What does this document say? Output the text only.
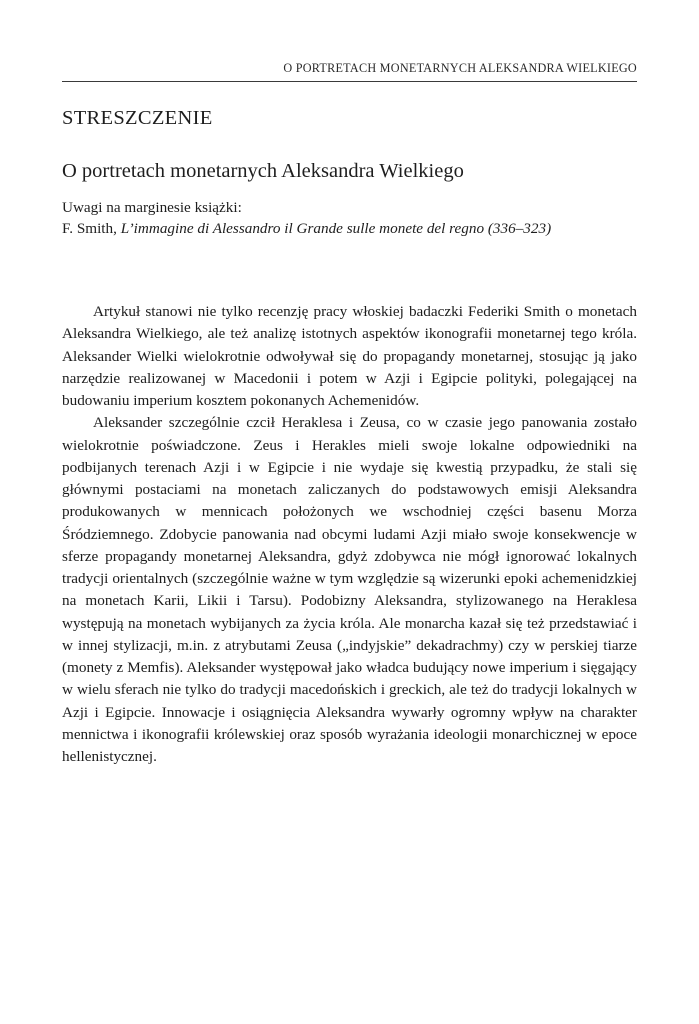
O PORTRETACH MONETARNYCH ALEKSANDRA WIELKIEGO
STRESZCZENIE
O portretach monetarnych Aleksandra Wielkiego
Uwagi na marginesie książki:
F. Smith, L’immagine di Alessandro il Grande sulle monete del regno (336–323)

Artykuł stanowi nie tylko recenzję pracy włoskiej badaczki Federiki Smith o monetach Aleksandra Wielkiego, ale też analizę istotnych aspektów ikonografii monetarnej tego króla. Aleksander Wielki wielokrotnie odwoływał się do propagandy monetarnej, stosując ją jako narzędzie realizowanej w Macedonii i potem w Azji i Egipcie polityki, polegającej na budowaniu imperium kosztem pokonanych Achemenidów.

Aleksander szczególnie czcił Heraklesa i Zeusa, co w czasie jego panowania zostało wielokrotnie poświadczone. Zeus i Herakles mieli swoje lokalne odpowiedniki na podbijanych terenach Azji i w Egipcie i nie wydaje się kwestią przypadku, że stali się głównymi postaciami na monetach zaliczanych do podstawowych emisji Aleksandra produkowanych w mennicach położonych we wschodniej części basenu Morza Śródziemnego. Zdobycie panowania nad obcymi ludami Azji miało swoje konsekwencje w sferze propagandy monetarnej Aleksandra, gdyż zdobywca nie mógł ignorować lokalnych tradycji orientalnych (szczególnie ważne w tym względzie są wizerunki epoki achemenidzkiej na monetach Karii, Likii i Tarsu). Podobizny Aleksandra, stylizowanego na Heraklesa występują na monetach wybijanych za życia króla. Ale monarcha kazał się też przedstawiać i w innej stylizacji, m.in. z atrybutami Zeusa („indyjskie” dekadrachmy) czy w perskiej tiarze (monety z Memfis). Aleksander występował jako władca budujący nowe imperium i sięgający w wielu sferach nie tylko do tradycji macedońskich i greckich, ale też do tradycji lokalnych w Azji i Egipcie. Innowacje i osiągnięcia Aleksandra wywarły ogromny wpływ na charakter mennictwa i ikonografii królewskiej oraz sposób wyrażania ideologii monarchicznej w epoce hellenistycznej.
